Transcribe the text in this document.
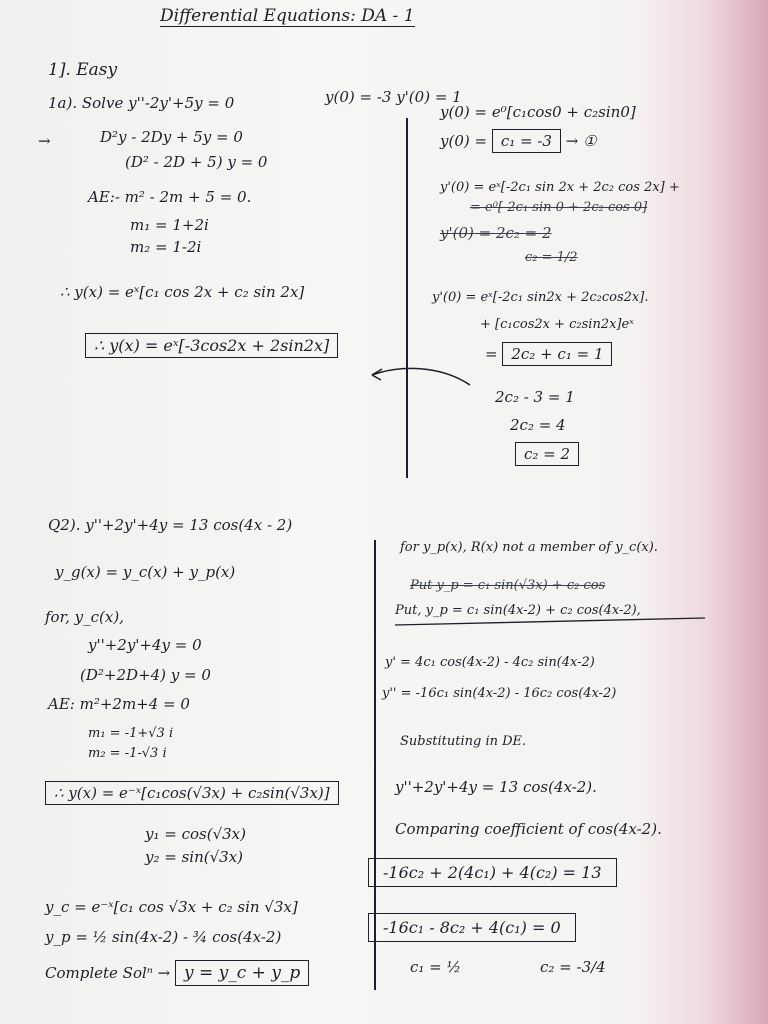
Differential Equations: DA - 1
1]. Easy
1a). Solve y''-2y'+5y = 0	y(0) = -3 y'(0) = 1
→	D²y - 2Dy + 5y = 0
(D² - 2D + 5) y = 0
AE:- m² - 2m + 5 = 0.
m₁ = 1+2i
m₂ = 1-2i
∴ y(x) = eˣ[c₁ cos 2x + c₂ sin 2x]
∴ y(x) = eˣ[-3cos2x + 2sin2x]
y(0) = e⁰[c₁cos0 + c₂sin0]
y(0) = c₁ = -3 → ①
y'(0) = eˣ[-2c₁ sin 2x + 2c₂ cos 2x] +
= e⁰[-2c₁ sin 0 + 2c₂ cos 0]
y'(0) = 2c₂ = 2
c₂ = 1/2
y'(0) = eˣ[-2c₁ sin2x + 2c₂cos2x].
+ [c₁cos2x + c₂sin2x]eˣ
= 2c₂ + c₁ = 1
2c₂ - 3 = 1
2c₂ = 4
c₂ = 2
Q2). y''+2y'+4y = 13 cos(4x - 2)
y_g(x) = y_c(x) + y_p(x)
for, y_c(x),
y''+2y'+4y = 0
(D²+2D+4) y = 0
AE: m²+2m+4 = 0
m₁ = -1+√3 i
m₂ = -1-√3 i
∴ y(x) = e⁻ˣ[c₁cos(√3x) + c₂sin(√3x)]
y₁ = cos(√3x)
y₂ = sin(√3x)
y_c = e⁻ˣ[c₁ cos √3x + c₂ sin √3x]
y_p = ½ sin(4x-2) - ¾ cos(4x-2)
Complete Solⁿ → y = y_c + y_p
for y_p(x), R(x) not a member of y_c(x).
Put y_p = c₁ sin(√3x) + c₂ cos
Put, y_p = c₁ sin(4x-2) + c₂ cos(4x-2),
y' = 4c₁ cos(4x-2) - 4c₂ sin(4x-2)
y'' = -16c₁ sin(4x-2) - 16c₂ cos(4x-2)
Substituting in DE.
y''+2y'+4y = 13 cos(4x-2).
Comparing coefficient of cos(4x-2).
-16c₂ + 2(4c₁) + 4(c₂) = 13
-16c₁ - 8c₂ + 4(c₁) = 0
c₁ = ½	c₂ = -3/4
